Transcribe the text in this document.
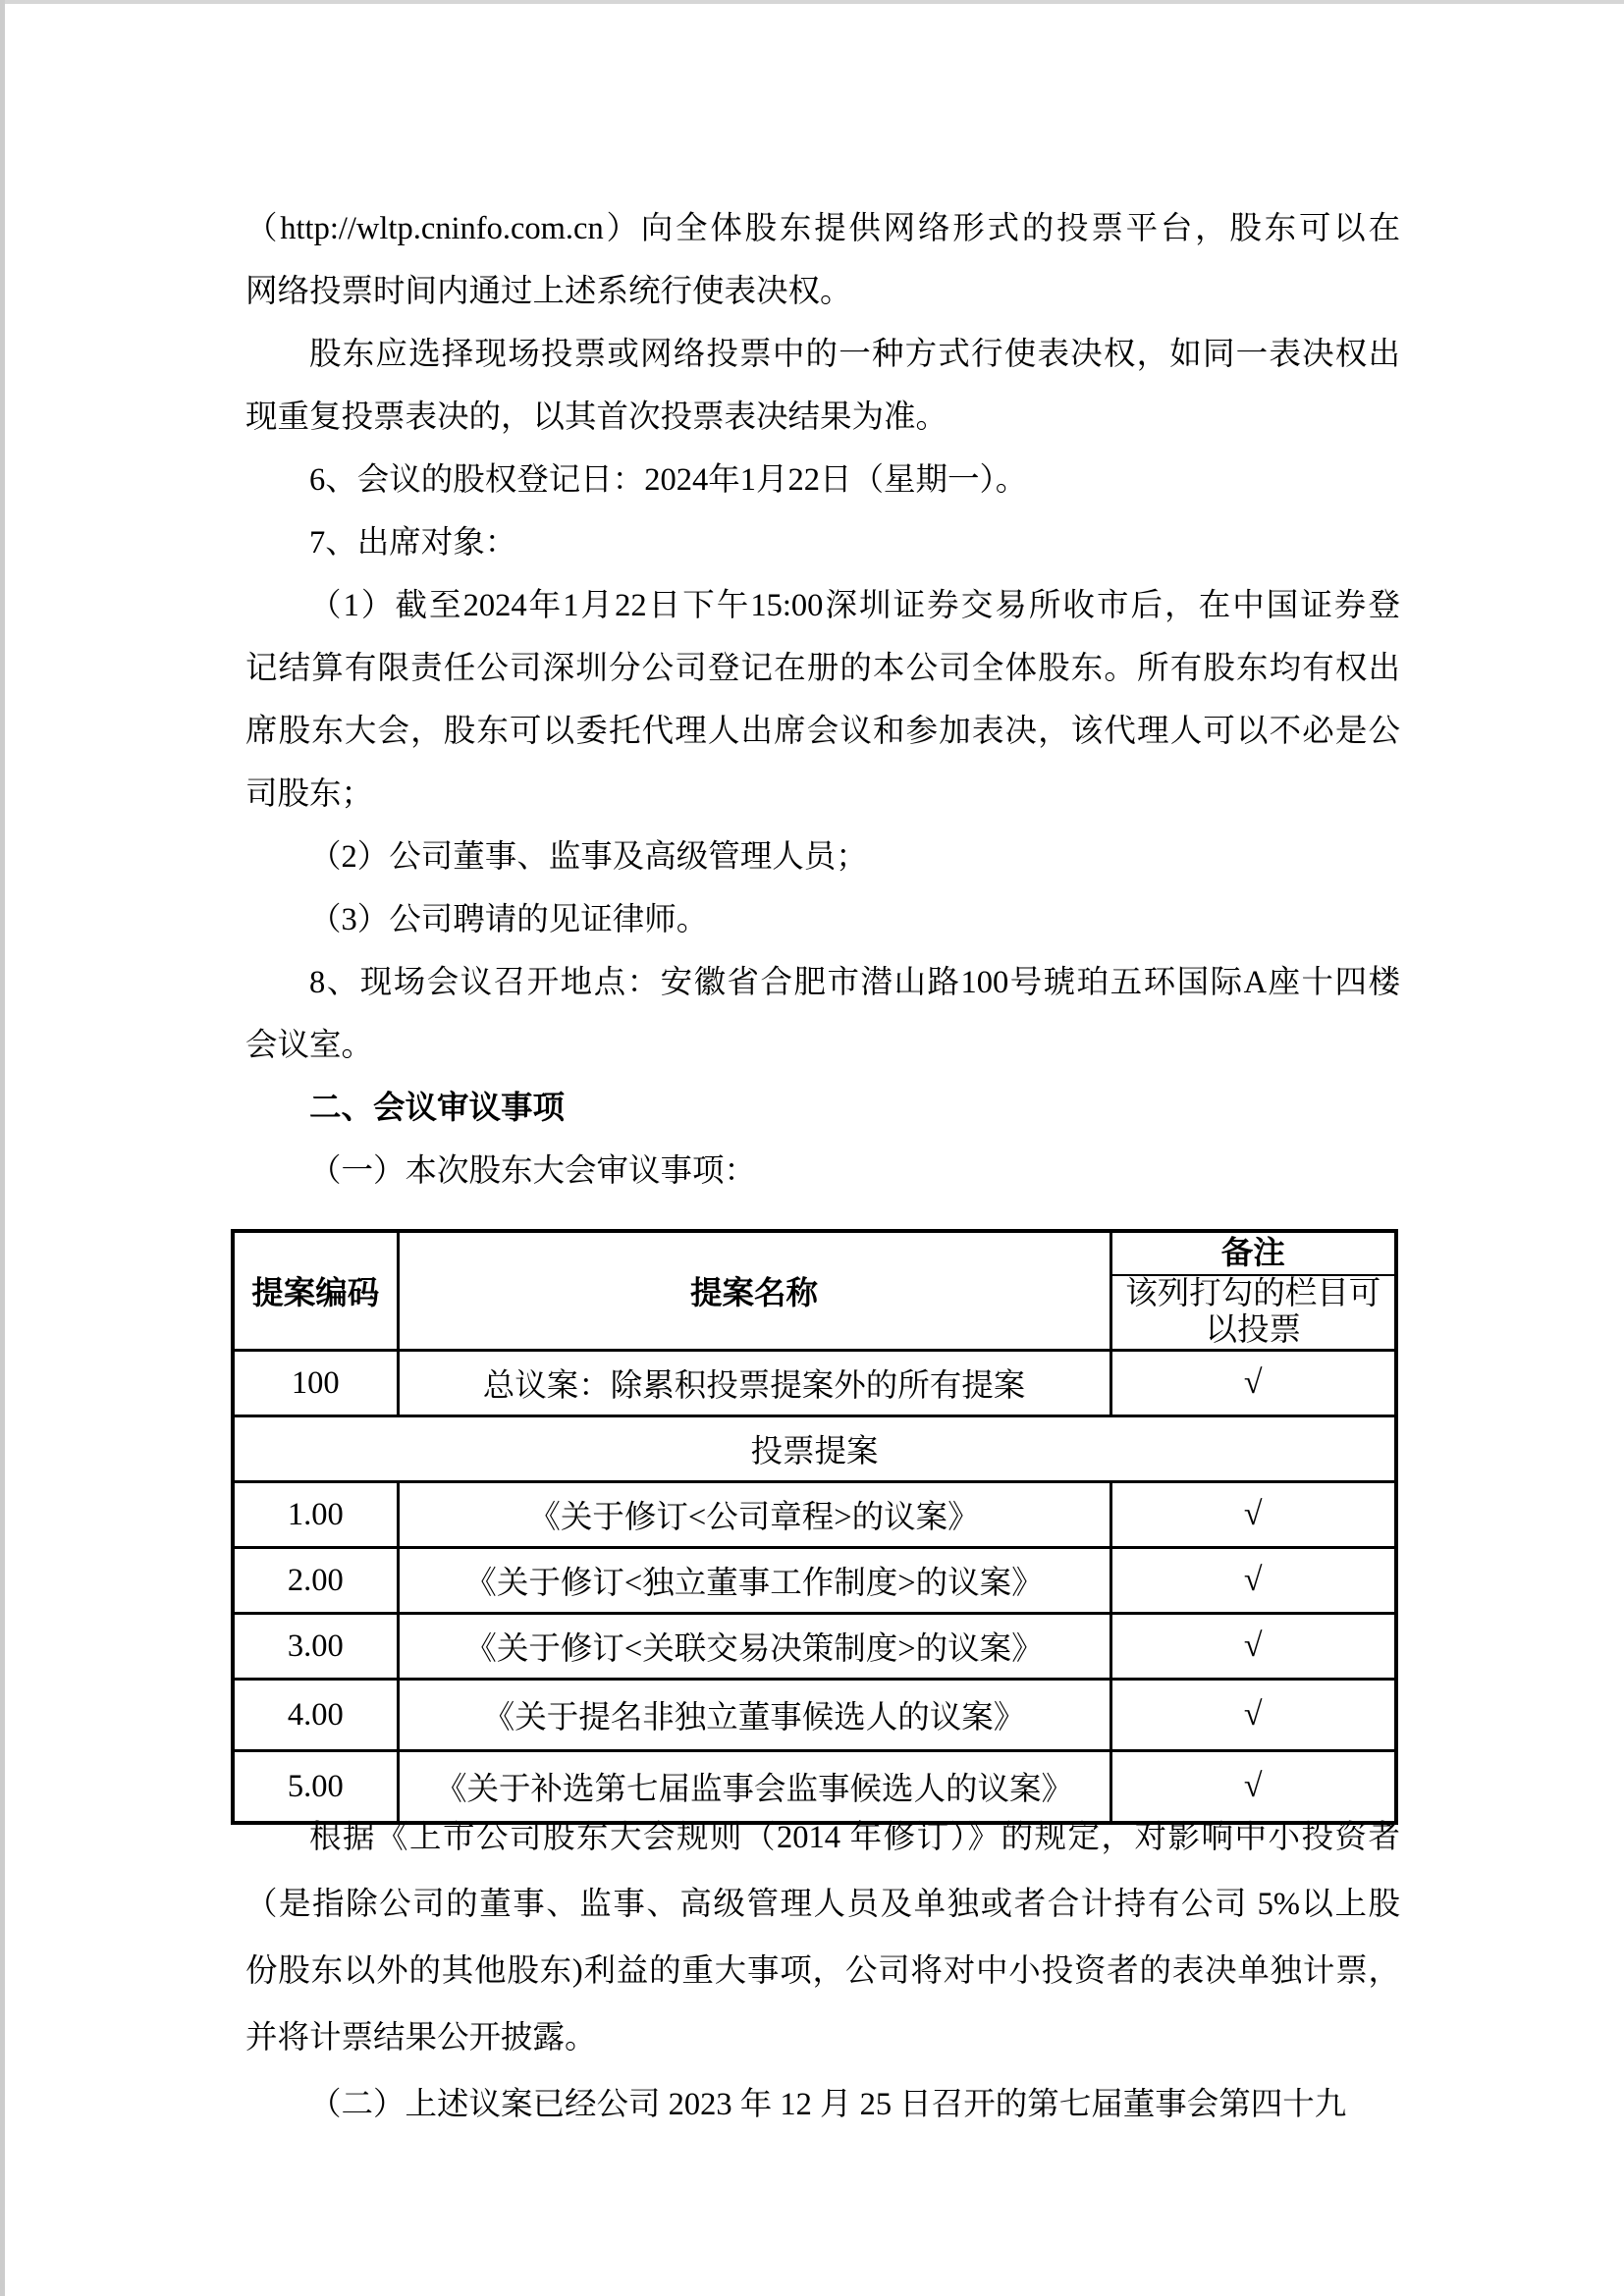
（http://wltp.cninfo.com.cn）向全体股东提供网络形式的投票平台，股东可以在
网络投票时间内通过上述系统行使表决权。
股东应选择现场投票或网络投票中的一种方式行使表决权，如同一表决权出
现重复投票表决的，以其首次投票表决结果为准。
6、会议的股权登记日：2024年1月22日（星期一）。
7、出席对象：
（1）截至2024年1月22日下午15:00深圳证券交易所收市后，在中国证券登
记结算有限责任公司深圳分公司登记在册的本公司全体股东。所有股东均有权出
席股东大会，股东可以委托代理人出席会议和参加表决，该代理人可以不必是公
司股东；
（2）公司董事、监事及高级管理人员；
（3）公司聘请的见证律师。
8、现场会议召开地点：安徽省合肥市潜山路100号琥珀五环国际A座十四楼
会议室。
二、会议审议事项
（一）本次股东大会审议事项：
提案编码	提案名称	备注
		该列打勾的栏目可以投票
100	总议案：除累积投票提案外的所有提案	√
投票提案		
1.00	《关于修订<公司章程>的议案》	√
2.00	《关于修订<独立董事工作制度>的议案》	√
3.00	《关于修订<关联交易决策制度>的议案》	√
4.00	《关于提名非独立董事候选人的议案》	√
5.00	《关于补选第七届监事会监事候选人的议案》	√
根据《上市公司股东大会规则（2014 年修订）》的规定，对影响中小投资者
（是指除公司的董事、监事、高级管理人员及单独或者合计持有公司 5%以上股
份股东以外的其他股东)利益的重大事项，公司将对中小投资者的表决单独计票，
并将计票结果公开披露。
（二）上述议案已经公司 2023 年 12 月 25 日召开的第七届董事会第四十九
